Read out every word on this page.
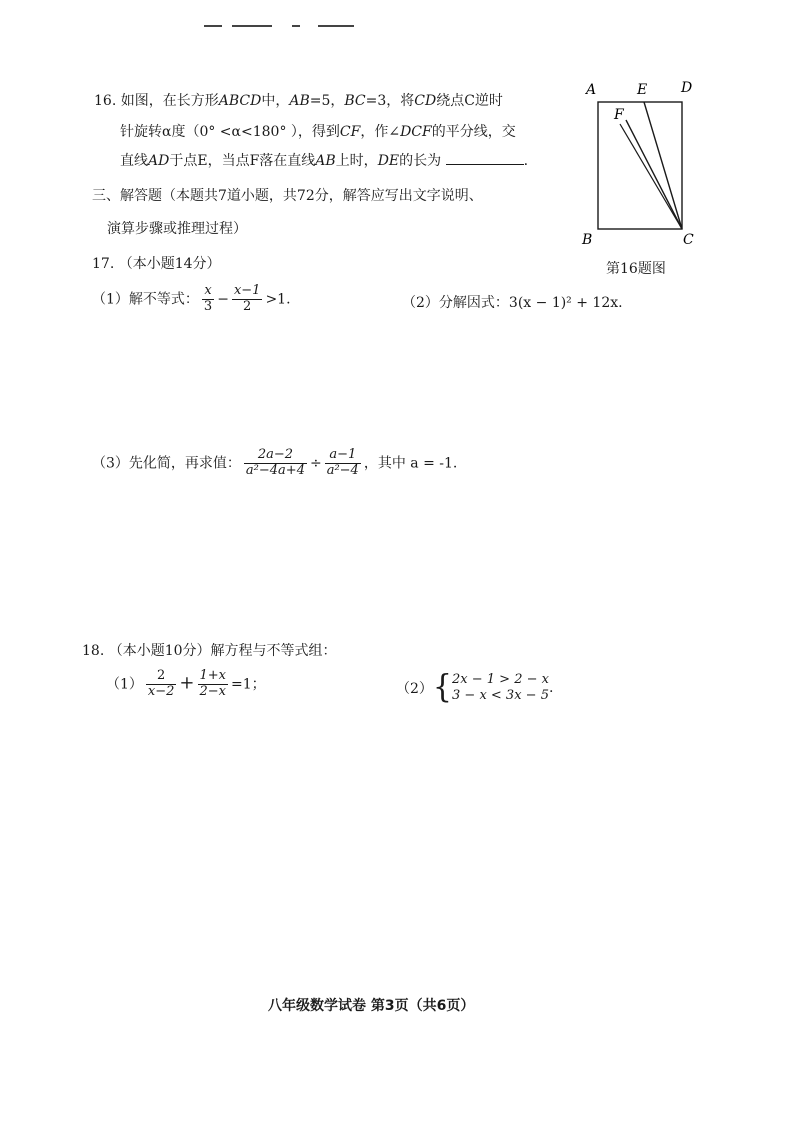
16. 如图，在长方形ABCD中，AB=5，BC=3，将CD绕点C逆时
针旋转α度（0° <α<180° ），得到CF，作∠DCF的平分线，交
直线AD于点E，当点F落在直线AB上时，DE的长为	.
A	E D
F
B	C
第16题图
三、解答题（本题共7道小题，共72分，解答应写出文字说明、
演算步骤或推理过程）
17. （本小题14分）
（1）解不等式： $\frac{x}{3} - \frac{x-1}{2} >1$.	（2）分解因式：3(x − 1)² + 12x.
（3）先化简，再求值： $\frac{2a-2}{\text{a²−4a+4}} \div \frac{a-1}{\text{a²−4}}$ ，其中 a = -1.
18. （本小题10分）解方程与不等式组：
$(1) \frac{2}{x-2} + \frac{1+x}{2-x} =1$；	（2）{ 2x − 1 > 2 − x
3 − x < 3x − 5 .
八年级数学试卷 第3页（共6页）
